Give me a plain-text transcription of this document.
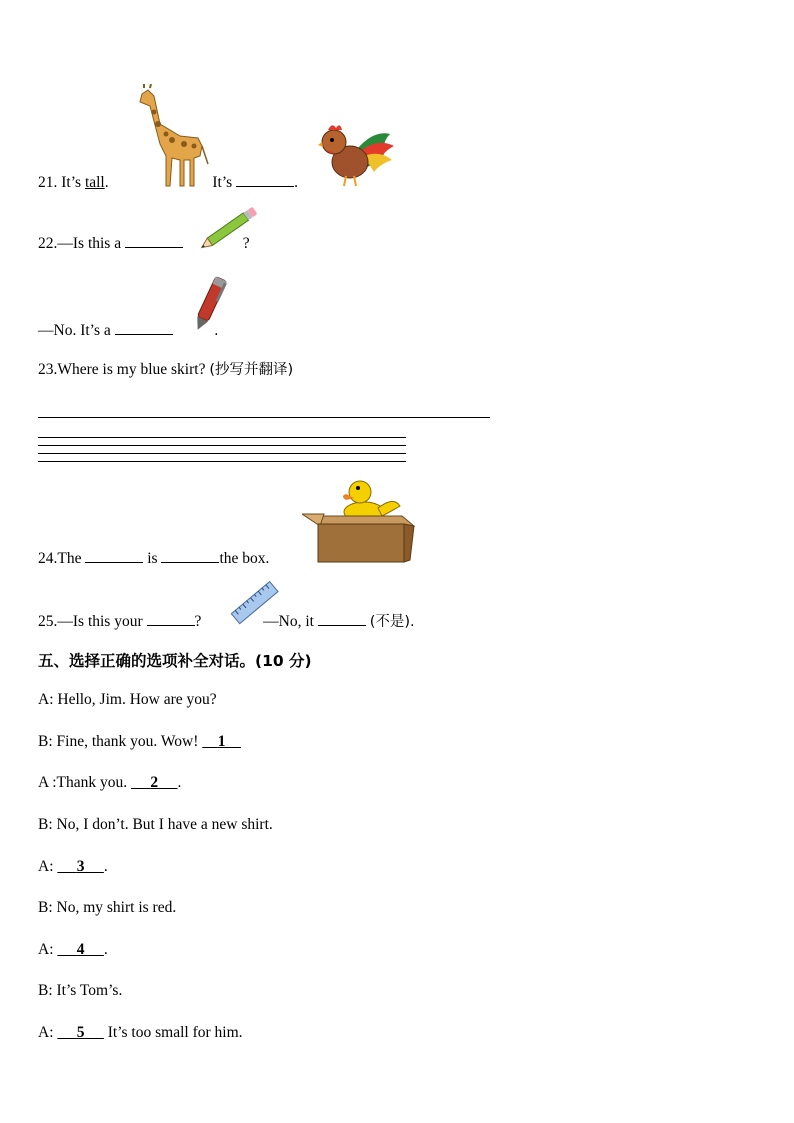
21. It’s tall.	It’s	.
22.—Is this a	?
—No. It’s a	.
23.Where is my blue skirt? (抄写并翻译)
24.The	is	the box.
25.—Is this your	?	—No, it	(不是).
五、选择正确的选项补全对话。(10 分)
A: Hello, Jim. How are you?
B: Fine, thank you. Wow! 1
A :Thank you. 2 .
B: No, I don’t. But I have a new shirt.
A: 3 .
B: No, my shirt is red.
A: 4 .
B: It’s Tom’s.
A: 5 It’s too small for him.
